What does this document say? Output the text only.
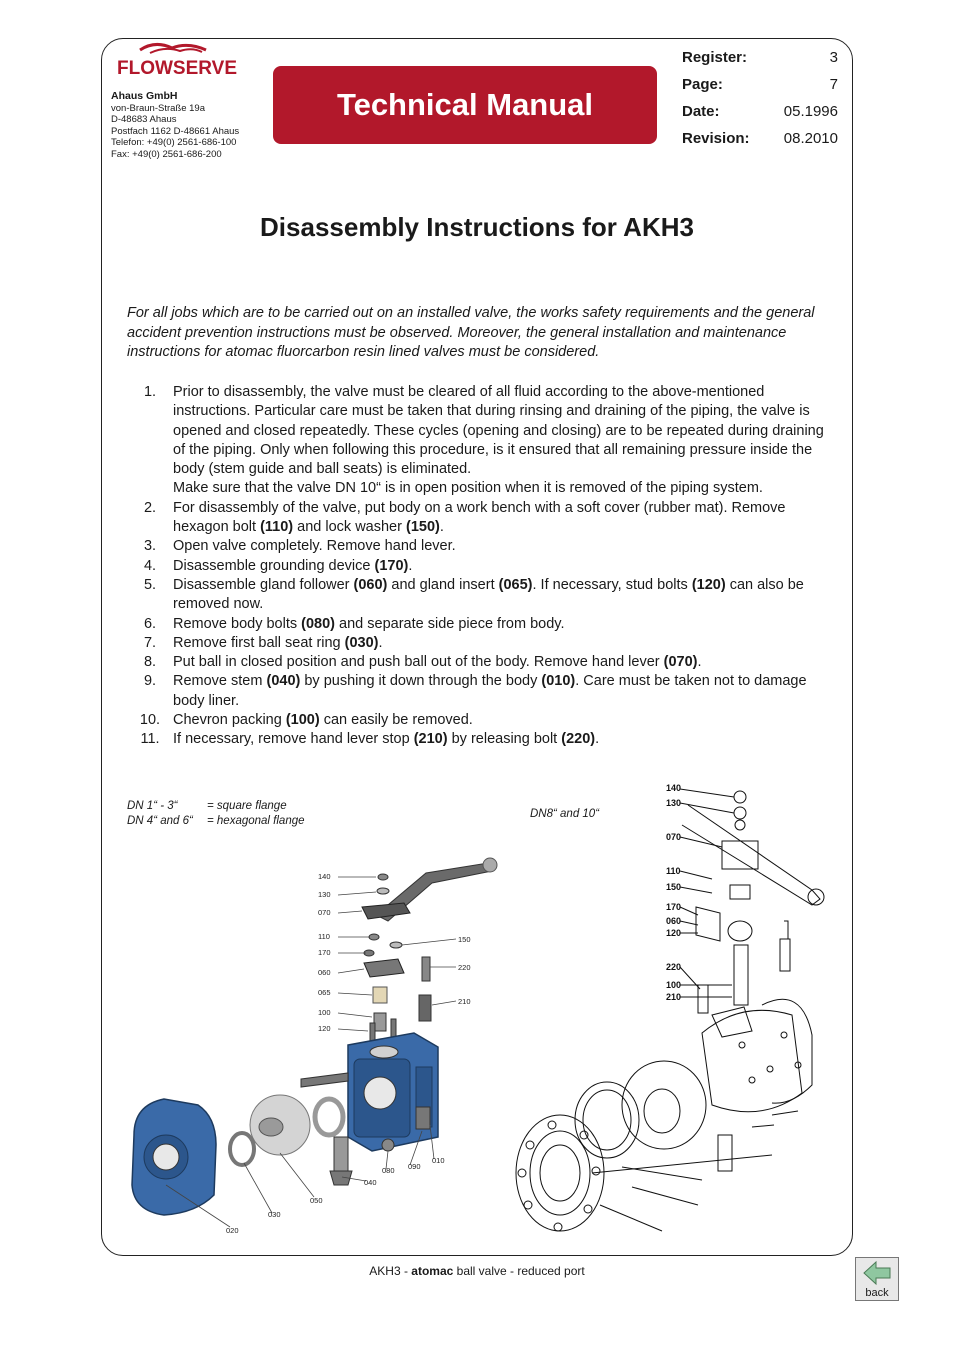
FLOWSERVE
Ahaus GmbH
von-Braun-Straße 19a
D-48683 Ahaus
Postfach 1162 D-48661 Ahaus
Telefon: +49(0) 2561-686-100
Fax: +49(0) 2561-686-200
Technical Manual
Register:	3
Page:	7
Date:	05.1996
Revision: 08.2010
Disassembly Instructions for AKH3

For all jobs which are to be carried out on an installed valve, the works safety requirements and the general accident prevention instructions must be observed. Moreover, the general installation and maintenance instructions for atomac fluorcarbon resin lined valves must be considered.

1.	Prior to disassembly, the valve must be cleared of all fluid according to the above-mentioned instructions. Particular care must be taken that during rinsing and draining of the piping, the valve is opened and closed repeatedly. These cycles (opening and closing) are to be repeated during draining of the piping. Only when following this procedure, is it ensured that all remaining pressure inside the body (stem guide and ball seats) is eliminated.
Make sure that the valve DN 10“ is in open position when it is removed of the piping system.
2.	For disassembly of the valve, put body on a work bench with a soft cover (rubber mat). Remove hexagon bolt (110) and lock washer (150).
3.	Open valve completely. Remove hand lever.
4.	Disassemble grounding device (170).
5.	Disassemble gland follower (060) and gland insert (065). If necessary, stud bolts (120) can also be removed now.
6.	Remove body bolts (080) and separate side piece from body.
7.	Remove first ball seat ring (030).
8.	Put ball in closed position and push ball out of the body. Remove hand lever (070).
9.	Remove stem (040) by pushing it down through the body (010). Care must be taken not to damage body liner.
10. Chevron packing (100) can easily be removed.
11. If necessary, remove hand lever stop (210) by releasing bolt (220).
DN 1“ - 3“	= square flange
DN 4“ and 6“	= hexagonal flange
DN8“ and 10“
140
130
070
110
170
060
065
100
120
150
220
210
020
030
050
040
080 090
010
140
130
070
110
150
170
060
120
220
100
210
AKH3 - atomac ball valve - reduced port
back
